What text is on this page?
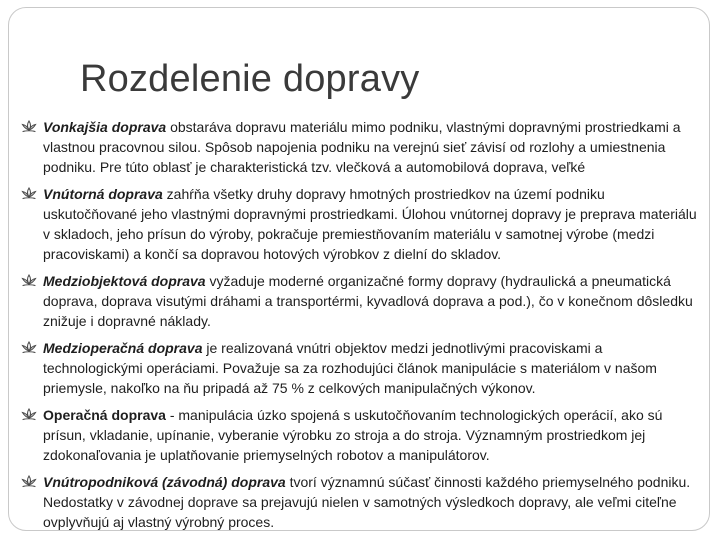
Rozdelenie dopravy
Vonkajšia doprava obstaráva dopravu materiálu mimo podniku, vlastnými dopravnými prostriedkami a vlastnou pracovnou silou. Spôsob napojenia podniku na verejnú sieť závisí od rozlohy a umiestnenia podniku. Pre túto oblasť je charakteristická tzv. vlečková a automobilová doprava, veľké
Vnútorná doprava zahŕňa všetky druhy dopravy hmotných prostriedkov na území podniku uskutočňované jeho vlastnými dopravnými prostriedkami. Úlohou vnútornej dopravy je preprava materiálu v skladoch, jeho prísun do výroby, pokračuje premiestňovaním materiálu v samotnej výrobe (medzi pracoviskami) a končí sa dopravou hotových výrobkov z dielní do skladov.
Medziobjektová doprava vyžaduje moderné organizačné formy dopravy (hydraulická a pneumatická doprava, doprava visutými dráhami a transportérmi, kyvadlová doprava a pod.), čo v konečnom dôsledku znižuje i dopravné náklady.
Medzioperačná doprava je realizovaná vnútri objektov medzi jednotlivými pracoviskami a technologickými operáciami. Považuje sa za rozhodujúci článok manipulácie s materiálom v našom priemysle, nakoľko na ňu pripadá až 75 % z celkových manipulačných výkonov.
Operačná doprava - manipulácia úzko spojená s uskutočňovaním technologických operácií, ako sú prísun, vkladanie, upínanie, vyberanie výrobku zo stroja a do stroja. Významným prostriedkom jej zdokonaľovania je uplatňovanie priemyselných robotov a manipulátorov.
Vnútropodniková (závodná) doprava tvorí významnú súčasť činnosti každého priemyselného podniku. Nedostatky v závodnej doprave sa prejavujú nielen v samotných výsledkoch dopravy, ale veľmi citeľne ovplyvňujú aj vlastný výrobný proces.
